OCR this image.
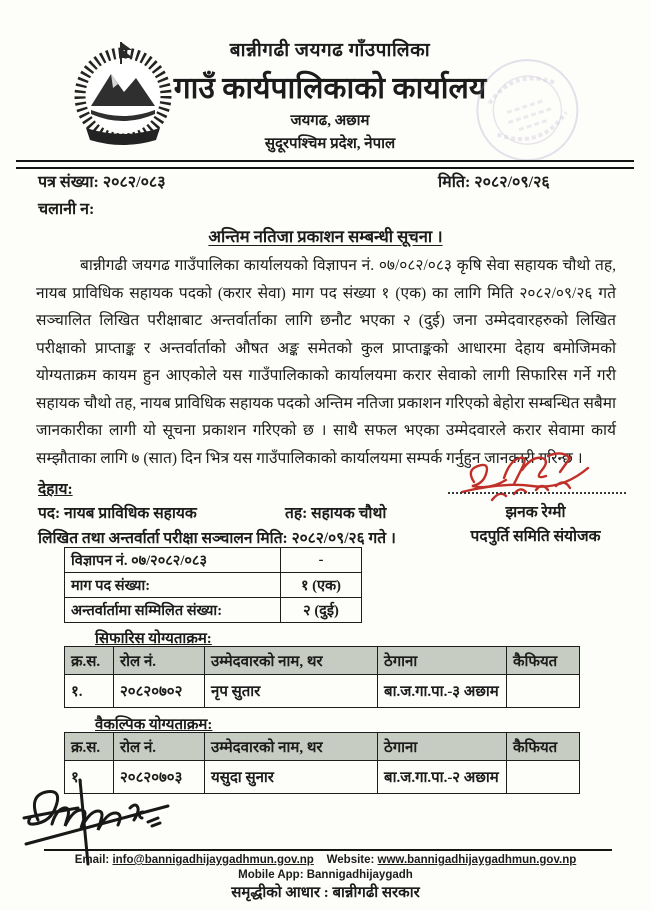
बान्नीगढी जयगढ गाँउपालिका
गाउँ कार्यपालिकाको कार्यालय
जयगढ, अछाम
सुदूरपश्चिम प्रदेश, नेपाल
पत्र संख्या: २०८२/०८३
चलानी न:
मिति: २०८२/०९/२६
अन्तिम नतिजा प्रकाशन सम्बन्धी सूचना ।
बान्नीगढी जयगढ गाउँपालिका कार्यालयको विज्ञापन नं. ०७/०८२/०८३ कृषि सेवा सहायक चौथो तह, नायब प्राविधिक सहायक पदको (करार सेवा) माग पद संख्या १ (एक) का लागि मिति २०८२/०९/२६ गते सञ्चालित लिखित परीक्षाबाट अन्तर्वार्ताका लागि छनौट भएका २ (दुई) जना उम्मेदवारहरुको लिखित परीक्षाको प्राप्ताङ्क र अन्तर्वार्ताको औषत अङ्क समेतको कुल प्राप्ताङ्कको आधारमा देहाय बमोजिमको योग्यताक्रम कायम हुन आएकोले यस गाउँपालिकाको कार्यालयमा करार सेवाको लागी सिफारिस गर्ने गरी सहायक चौथो तह, नायब प्राविधिक सहायक पदको अन्तिम नतिजा प्रकाशन गरिएको बेहोरा सम्बन्धित सबैमा जानकारीका लागी यो सूचना प्रकाशन गरिएको छ । साथै सफल भएका उम्मेदवारले करार सेवामा कार्य सम्झौताका लागि ७ (सात) दिन भित्र यस गाउँपालिकाको कार्यालयमा सम्पर्क गर्नुहुन जानकारी गरिन्छ ।
देहाय:
पद: नायब प्राविधिक सहायक	तह: सहायक चौथो
लिखित तथा अन्तर्वार्ता परीक्षा सञ्चालन मिति: २०८२/०९/२६ गते ।
झनक रेग्मी
पदपुर्ति समिति संयोजक
विज्ञापन नं. ०७/२०८२/०८३	-
माग पद संख्या:	१ (एक)
अन्तर्वार्तामा सम्मिलित संख्या:	२ (दुई)
सिफारिस योग्यताक्रम:
क्र.स.	रोल नं.	उम्मेदवारको नाम, थर	ठेगाना	कैफियत
१.	२०८२०७०२	नृप सुतार	बा.ज.गा.पा.-३ अछाम	
वैकल्पिक योग्यताक्रम:
क्र.स.	रोल नं.	उम्मेदवारको नाम, थर	ठेगाना	कैफियत
१.	२०८२०७०३	यसुदा सुनार	बा.ज.गा.पा.-२ अछाम	
Email: info@bannigadhijaygadhmun.gov.np Website: www.bannigadhijaygadhmun.gov.np
Mobile App: Bannigadhijaygadh
समृद्धीको आधार : बान्नीगढी सरकार
